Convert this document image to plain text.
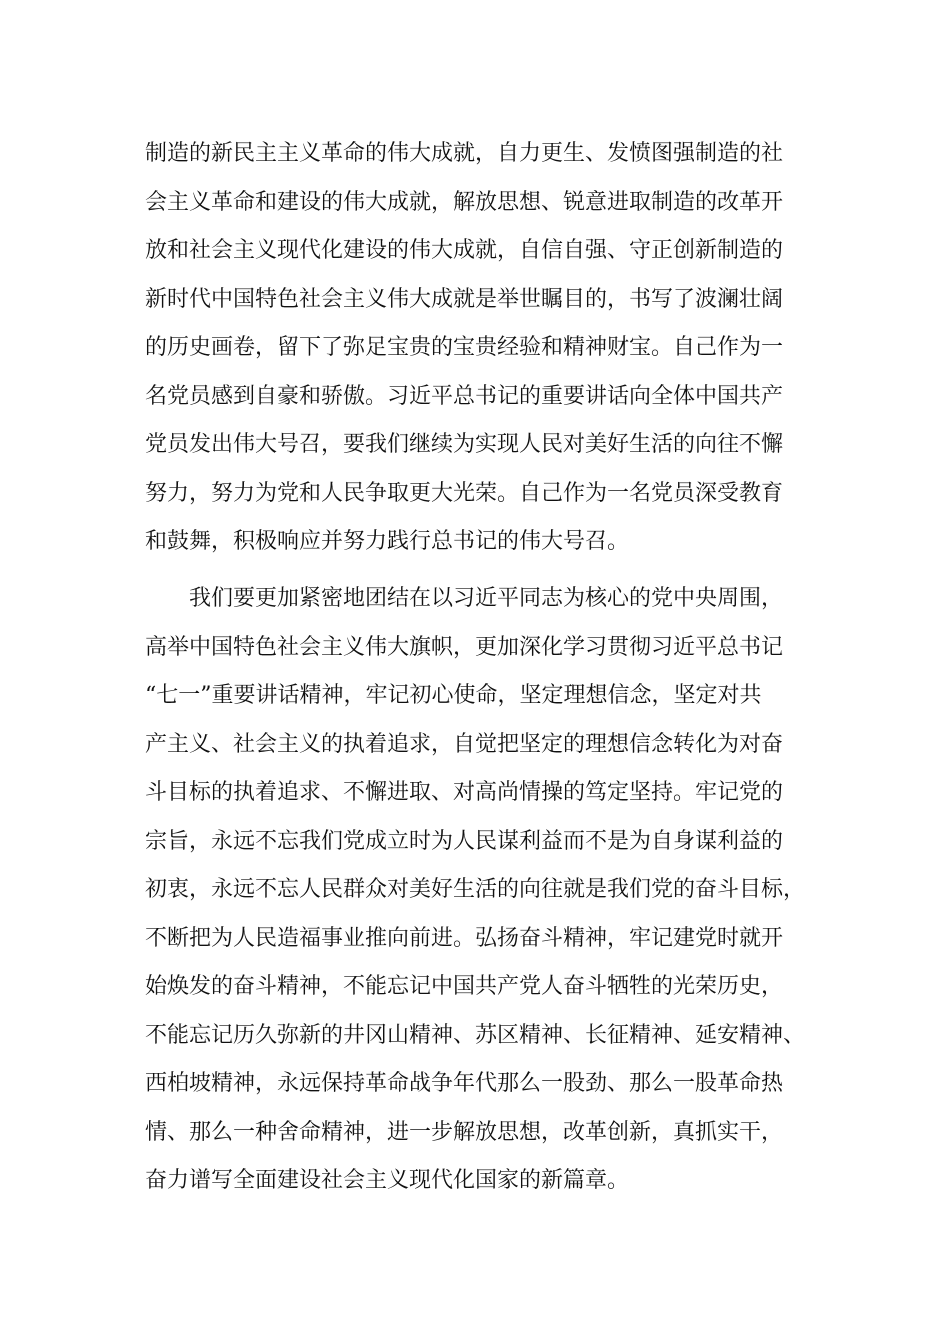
制造的新民主主义革命的伟大成就，自力更生、发愤图强制造的社
会主义革命和建设的伟大成就，解放思想、锐意进取制造的改革开
放和社会主义现代化建设的伟大成就，自信自强、守正创新制造的
新时代中国特色社会主义伟大成就是举世瞩目的，书写了波澜壮阔
的历史画卷，留下了弥足宝贵的宝贵经验和精神财宝。自己作为一
名党员感到自豪和骄傲。习近平总书记的重要讲话向全体中国共产
党员发出伟大号召，要我们继续为实现人民对美好生活的向往不懈
努力，努力为党和人民争取更大光荣。自己作为一名党员深受教育
和鼓舞，积极响应并努力践行总书记的伟大号召。
我们要更加紧密地团结在以习近平同志为核心的党中央周围，
高举中国特色社会主义伟大旗帜，更加深化学习贯彻习近平总书记
“七一”重要讲话精神，牢记初心使命，坚定理想信念，坚定对共
产主义、社会主义的执着追求，自觉把坚定的理想信念转化为对奋
斗目标的执着追求、不懈进取、对高尚情操的笃定坚持。牢记党的
宗旨，永远不忘我们党成立时为人民谋利益而不是为自身谋利益的
初衷，永远不忘人民群众对美好生活的向往就是我们党的奋斗目标，
不断把为人民造福事业推向前进。弘扬奋斗精神，牢记建党时就开
始焕发的奋斗精神，不能忘记中国共产党人奋斗牺牲的光荣历史，
不能忘记历久弥新的井冈山精神、苏区精神、长征精神、延安精神、
西柏坡精神，永远保持革命战争年代那么一股劲、那么一股革命热
情、那么一种舍命精神，进一步解放思想，改革创新，真抓实干，
奋力谱写全面建设社会主义现代化国家的新篇章。
